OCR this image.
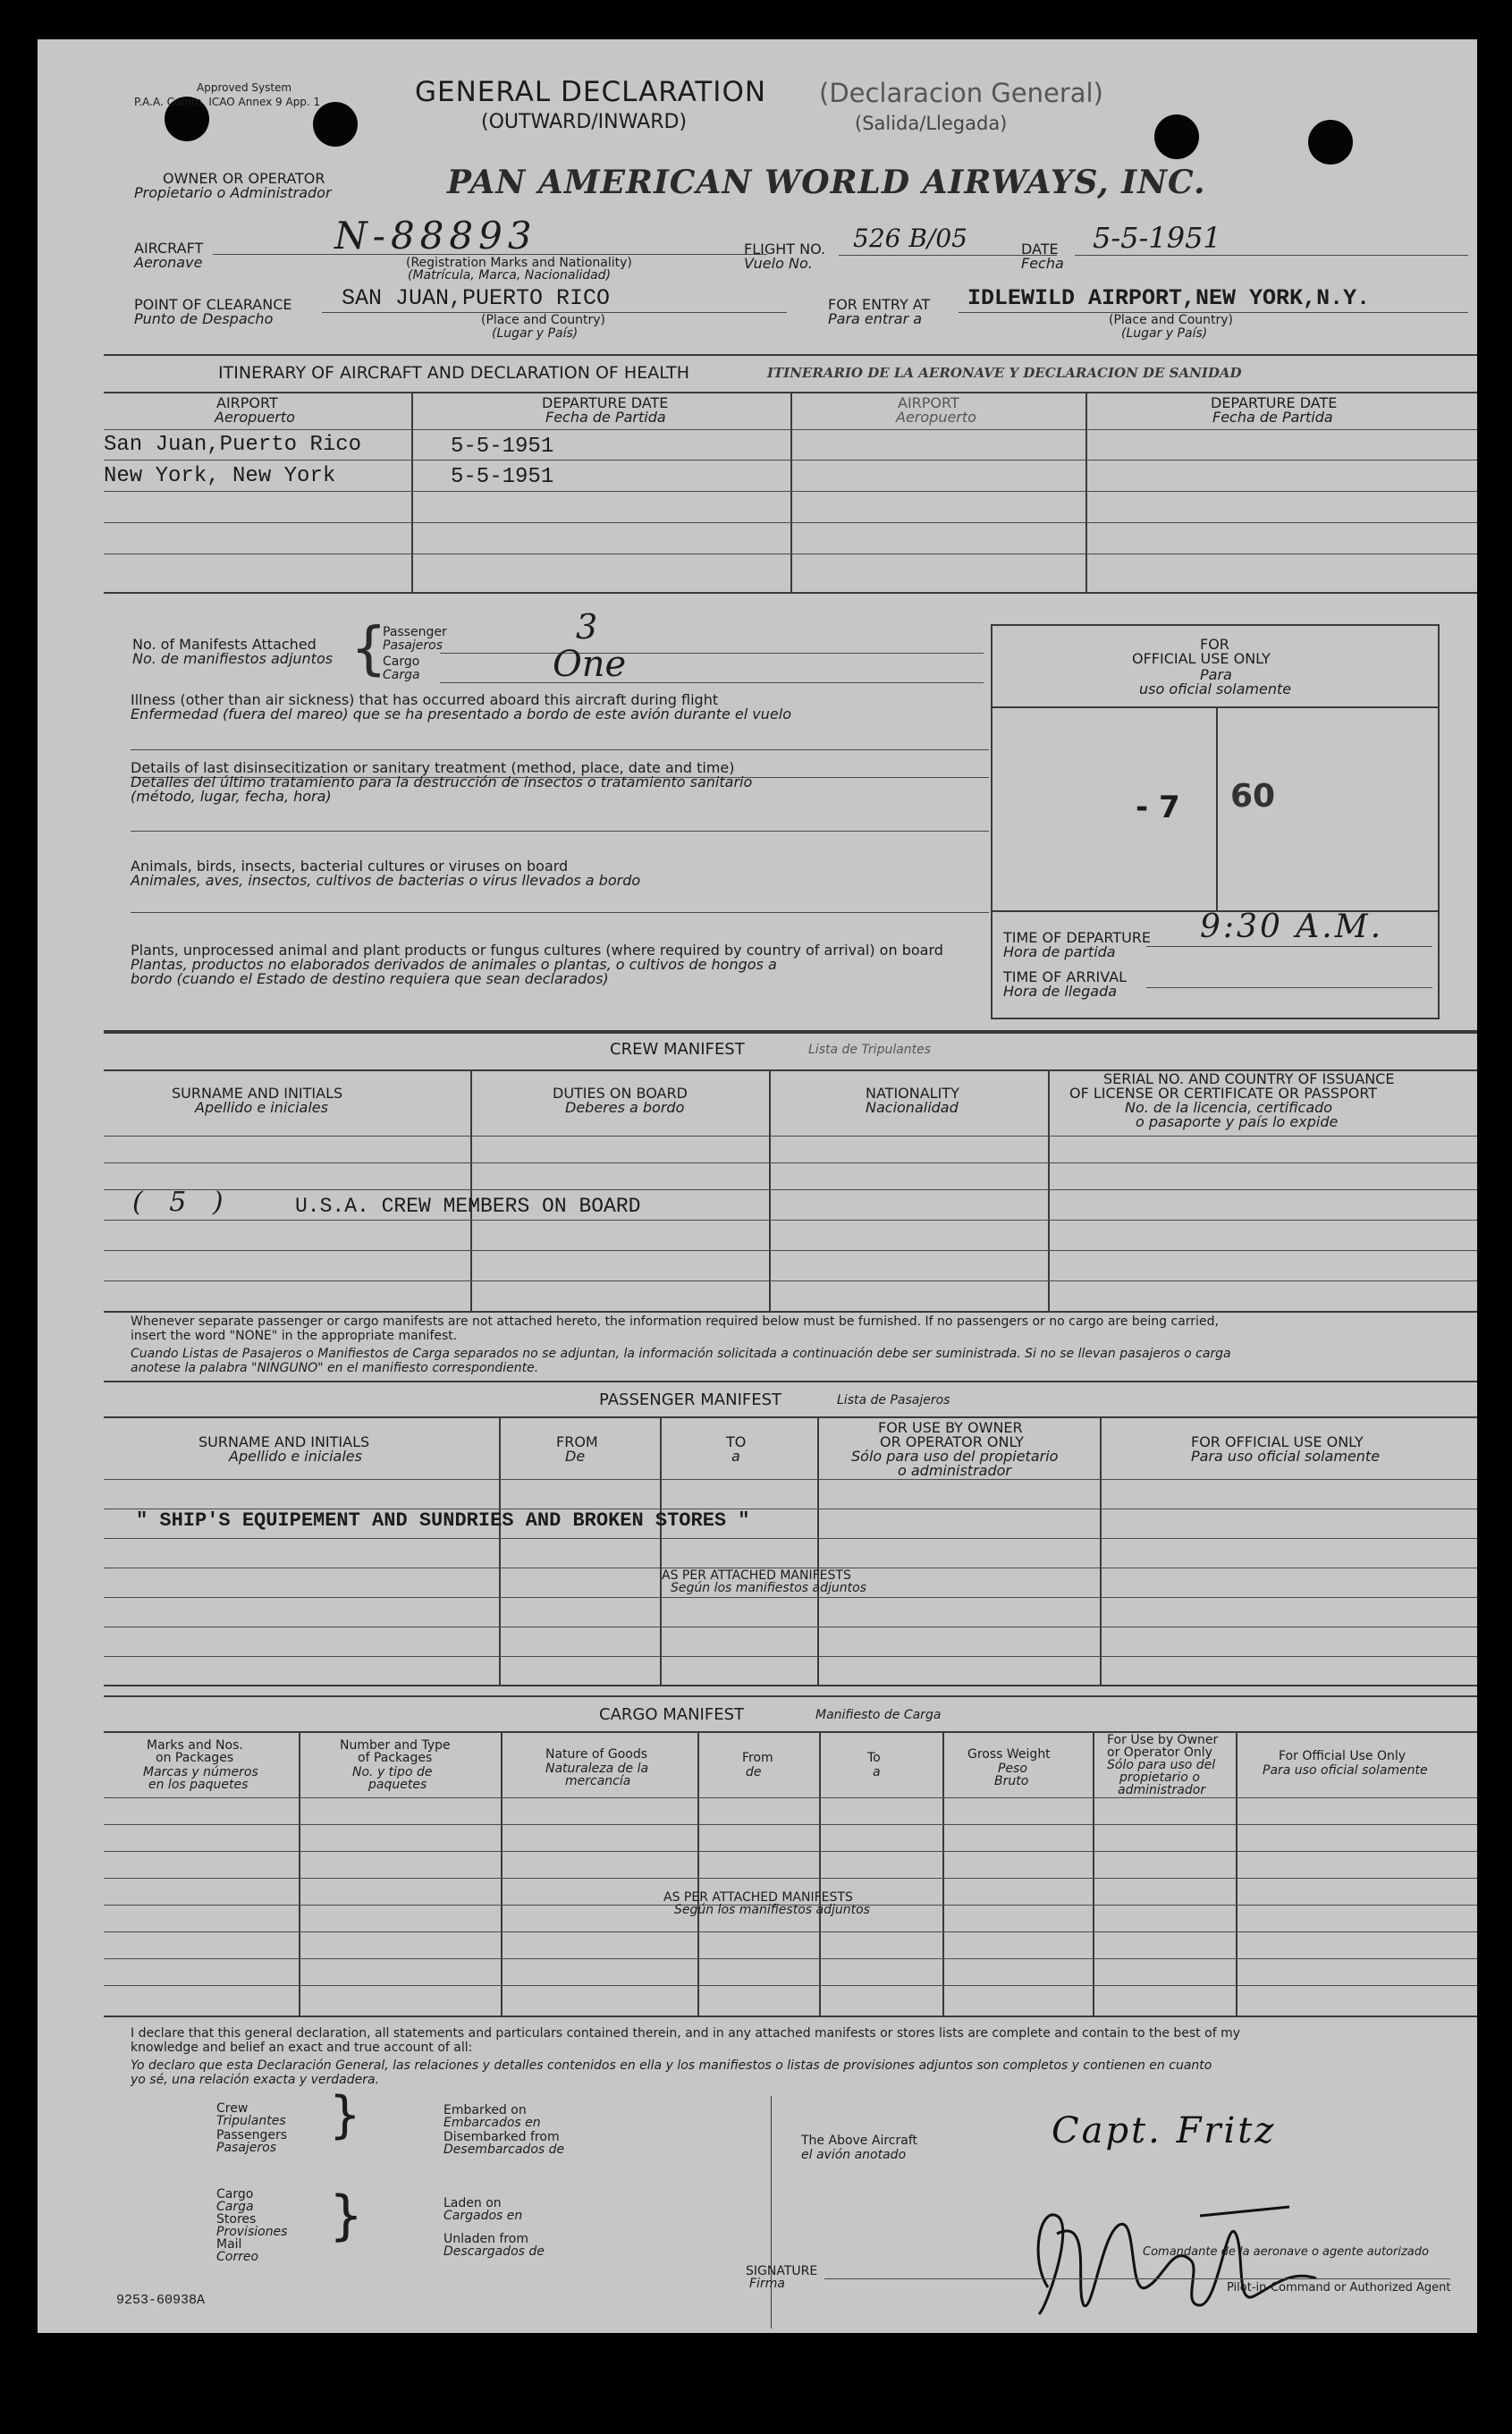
Approved System
P.A.A. Comm, ICAO Annex 9 App. 1	GENERAL DECLARATION
(OUTWARD/INWARD)
(Declaracion General)
(Salida/Llegada)
OWNER OR OPERATOR
Propietario o Administrador	PAN AMERICAN WORLD AIRWAYS, INC.
AIRCRAFT
Aeronave
N-88893
(Registration Marks and Nationality)
(Matrícula, Marca, Nacionalidad)
FLIGHT NO.
Vuelo No.
526 B/05	DATE
Fecha
5-5-1951
POINT OF CLEARANCE
Punto de Despacho
SAN JUAN,PUERTO RICO
(Place and Country)
(Lugar y País)
FOR ENTRY AT
Para entrar a
IDLEWILD AIRPORT,NEW YORK,N.Y.
(Place and Country)
(Lugar y País)
ITINERARY OF AIRCRAFT AND DECLARATION OF HEALTH	ITINERARIO DE LA AERONAVE Y DECLARACION DE SANIDAD
AIRPORT
Aeropuerto
DEPARTURE DATE
Fecha de Partida
AIRPORT
Aeropuerto
DEPARTURE DATE
Fecha de Partida
San Juan,Puerto Rico	5-5-1951
New York, New York	5-5-1951
No. of Manifests Attached
No. de manifiestos adjuntos {
Passenger
Pasajeros
Cargo
Carga
3
One
Illness (other than air sickness) that has occurred aboard this aircraft during flight
Enfermedad (fuera del mareo) que se ha presentado a bordo de este avión durante el vuelo
Details of last disinsecitization or sanitary treatment (method, place, date and time)
Detalles del último tratamiento para la destrucción de insectos o tratamiento sanitario
(método, lugar, fecha, hora)
Animals, birds, insects, bacterial cultures or viruses on board
Animales, aves, insectos, cultivos de bacterias o virus llevados a bordo
Plants, unprocessed animal and plant products or fungus cultures (where required by country of arrival) on board
Plantas, productos no elaborados derivados de animales o plantas, o cultivos de hongos a
bordo (cuando el Estado de destino requiera que sean declarados)
FOR
OFFICIAL USE ONLY
Para
uso oficial solamente
- 7 60
TIME OF DEPARTURE
Hora de partida
9:30 A.M.
TIME OF ARRIVAL
Hora de llegada
CREW MANIFEST	Lista de Tripulantes
SURNAME AND INITIALS
Apellido e iniciales
DUTIES ON BOARD
Deberes a bordo
NATIONALITY
Nacionalidad
SERIAL NO. AND COUNTRY OF ISSUANCE
OF LICENSE OR CERTIFICATE OR PASSPORT
No. de la licencia, certificado
o pasaporte y país lo expide
( 5 )	U.S.A. CREW MEMBERS ON BOARD
Whenever separate passenger or cargo manifests are not attached hereto, the information required below must be furnished. If no passengers or no cargo are being carried,
insert the word "NONE" in the appropriate manifest.
Cuando Listas de Pasajeros o Manifiestos de Carga separados no se adjuntan, la información solicitada a continuación debe ser suministrada. Si no se llevan pasajeros o carga
anotese la palabra "NINGUNO" en el manifiesto correspondiente.
PASSENGER MANIFEST	Lista de Pasajeros
SURNAME AND INITIALS
Apellido e iniciales
FROM
De
TO
a
FOR USE BY OWNER
OR OPERATOR ONLY
Sólo para uso del propietario
o administrador
FOR OFFICIAL USE ONLY
Para uso oficial solamente
" SHIP'S EQUIPEMENT AND SUNDRIES AND BROKEN STORES "
AS PER ATTACHED MANIFESTS
Según los manifiestos adjuntos
CARGO MANIFEST	Manifiesto de Carga
Marks and Nos.
on Packages
Marcas y números
en los paquetes
Number and Type
of Packages
No. y tipo de
paquetes
Nature of Goods
Naturaleza de la
mercancía
From
de
To
a
Gross Weight
Peso
Bruto
For Use by Owner
or Operator Only
Sólo para uso del
propietario o
administrador
For Official Use Only
Para uso oficial solamente
AS PER ATTACHED MANIFESTS
Según los manifiestos adjuntos
I declare that this general declaration, all statements and particulars contained therein, and in any attached manifests or stores lists are complete and contain to the best of my
knowledge and belief an exact and true account of all:
Yo declaro que esta Declaración General, las relaciones y detalles contenidos en ella y los manifiestos o listas de provisiones adjuntos son completos y contienen en cuanto
yo sé, una relación exacta y verdadera.
Crew
Tripulantes
Passengers
Pasajeros
}	Embarked on
Embarcados en
Disembarked from
Desembarcados de
Cargo
Carga
Stores
Provisiones
Mail
Correo
}	Laden on
Cargados en
Unladen from
Descargados de
The Above Aircraft
el avión anotado
Capt. Fritz
SIGNATURE
Firma
Comandante de la aeronave o agente autorizado
Pilot-in-Command or Authorized Agent
9253-60938A
